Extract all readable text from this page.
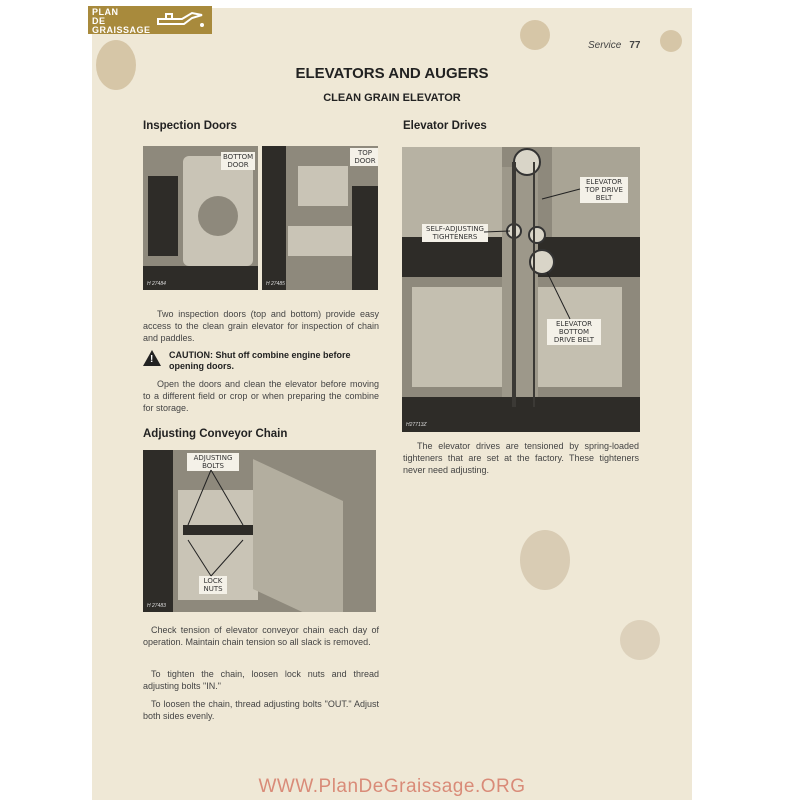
PLAN
DE
GRAISSAGE
Service 77
ELEVATORS AND AUGERS
CLEAN GRAIN ELEVATOR
Inspection Doors
BOTTOM DOOR
H 27484
TOP DOOR
H 27485

Two inspection doors (top and bottom) provide easy access to the clean grain elevator for inspection of chain and paddles.

! CAUTION: Shut off combine engine before opening doors.

Open the doors and clean the elevator before moving to a different field or crop or when preparing the combine for storage.

Adjusting Conveyor Chain
ADJUSTING BOLTS
LOCK NUTS
H 27483

Check tension of elevator conveyor chain each day of operation. Maintain chain tension so all slack is removed.

To tighten the chain, loosen lock nuts and thread adjusting bolts "IN."

To loosen the chain, thread adjusting bolts "OUT." Adjust both sides evenly.

Elevator Drives
ELEVATOR TOP DRIVE BELT
SELF-ADJUSTING TIGHTENERS
ELEVATOR BOTTOM DRIVE BELT
H27713Z

The elevator drives are tensioned by spring-loaded tighteners that are set at the factory. These tighteners never need adjusting.

WWW.PlanDeGraissage.ORG
